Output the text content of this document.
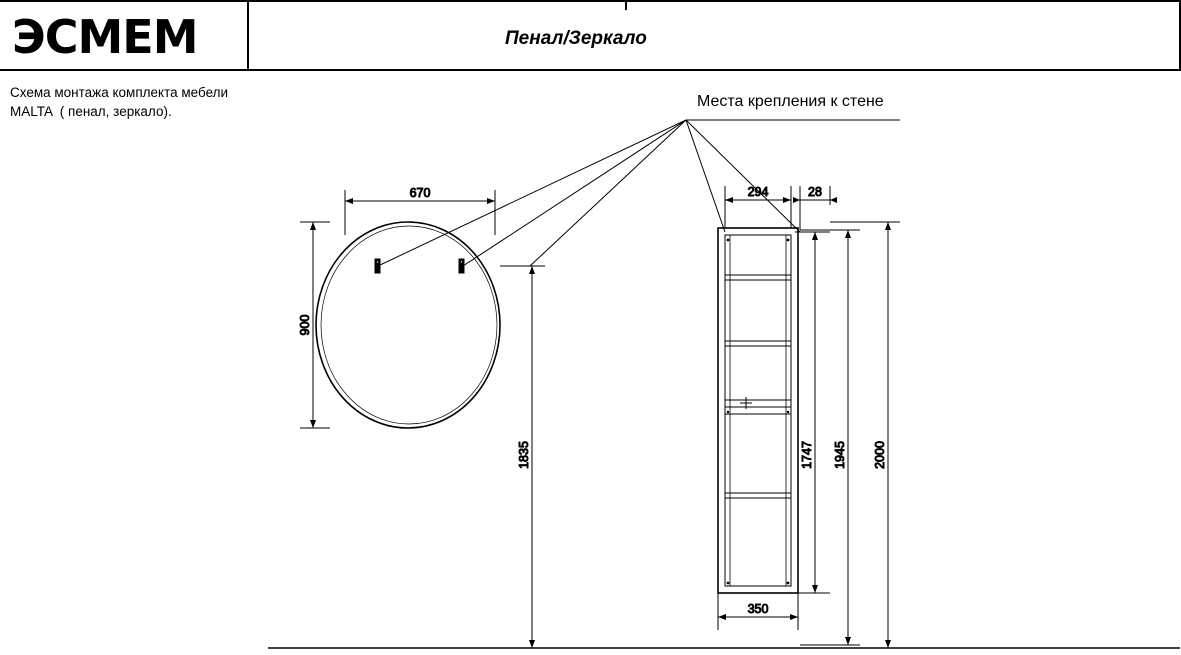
ЭСМЕМ	Пенал/Зеркало
Схема монтажа комплекта мебели
MALTA  ( пенал, зеркало).
Места крепления к стене
670
900
1835
294	28
1747 1945 2000
350
